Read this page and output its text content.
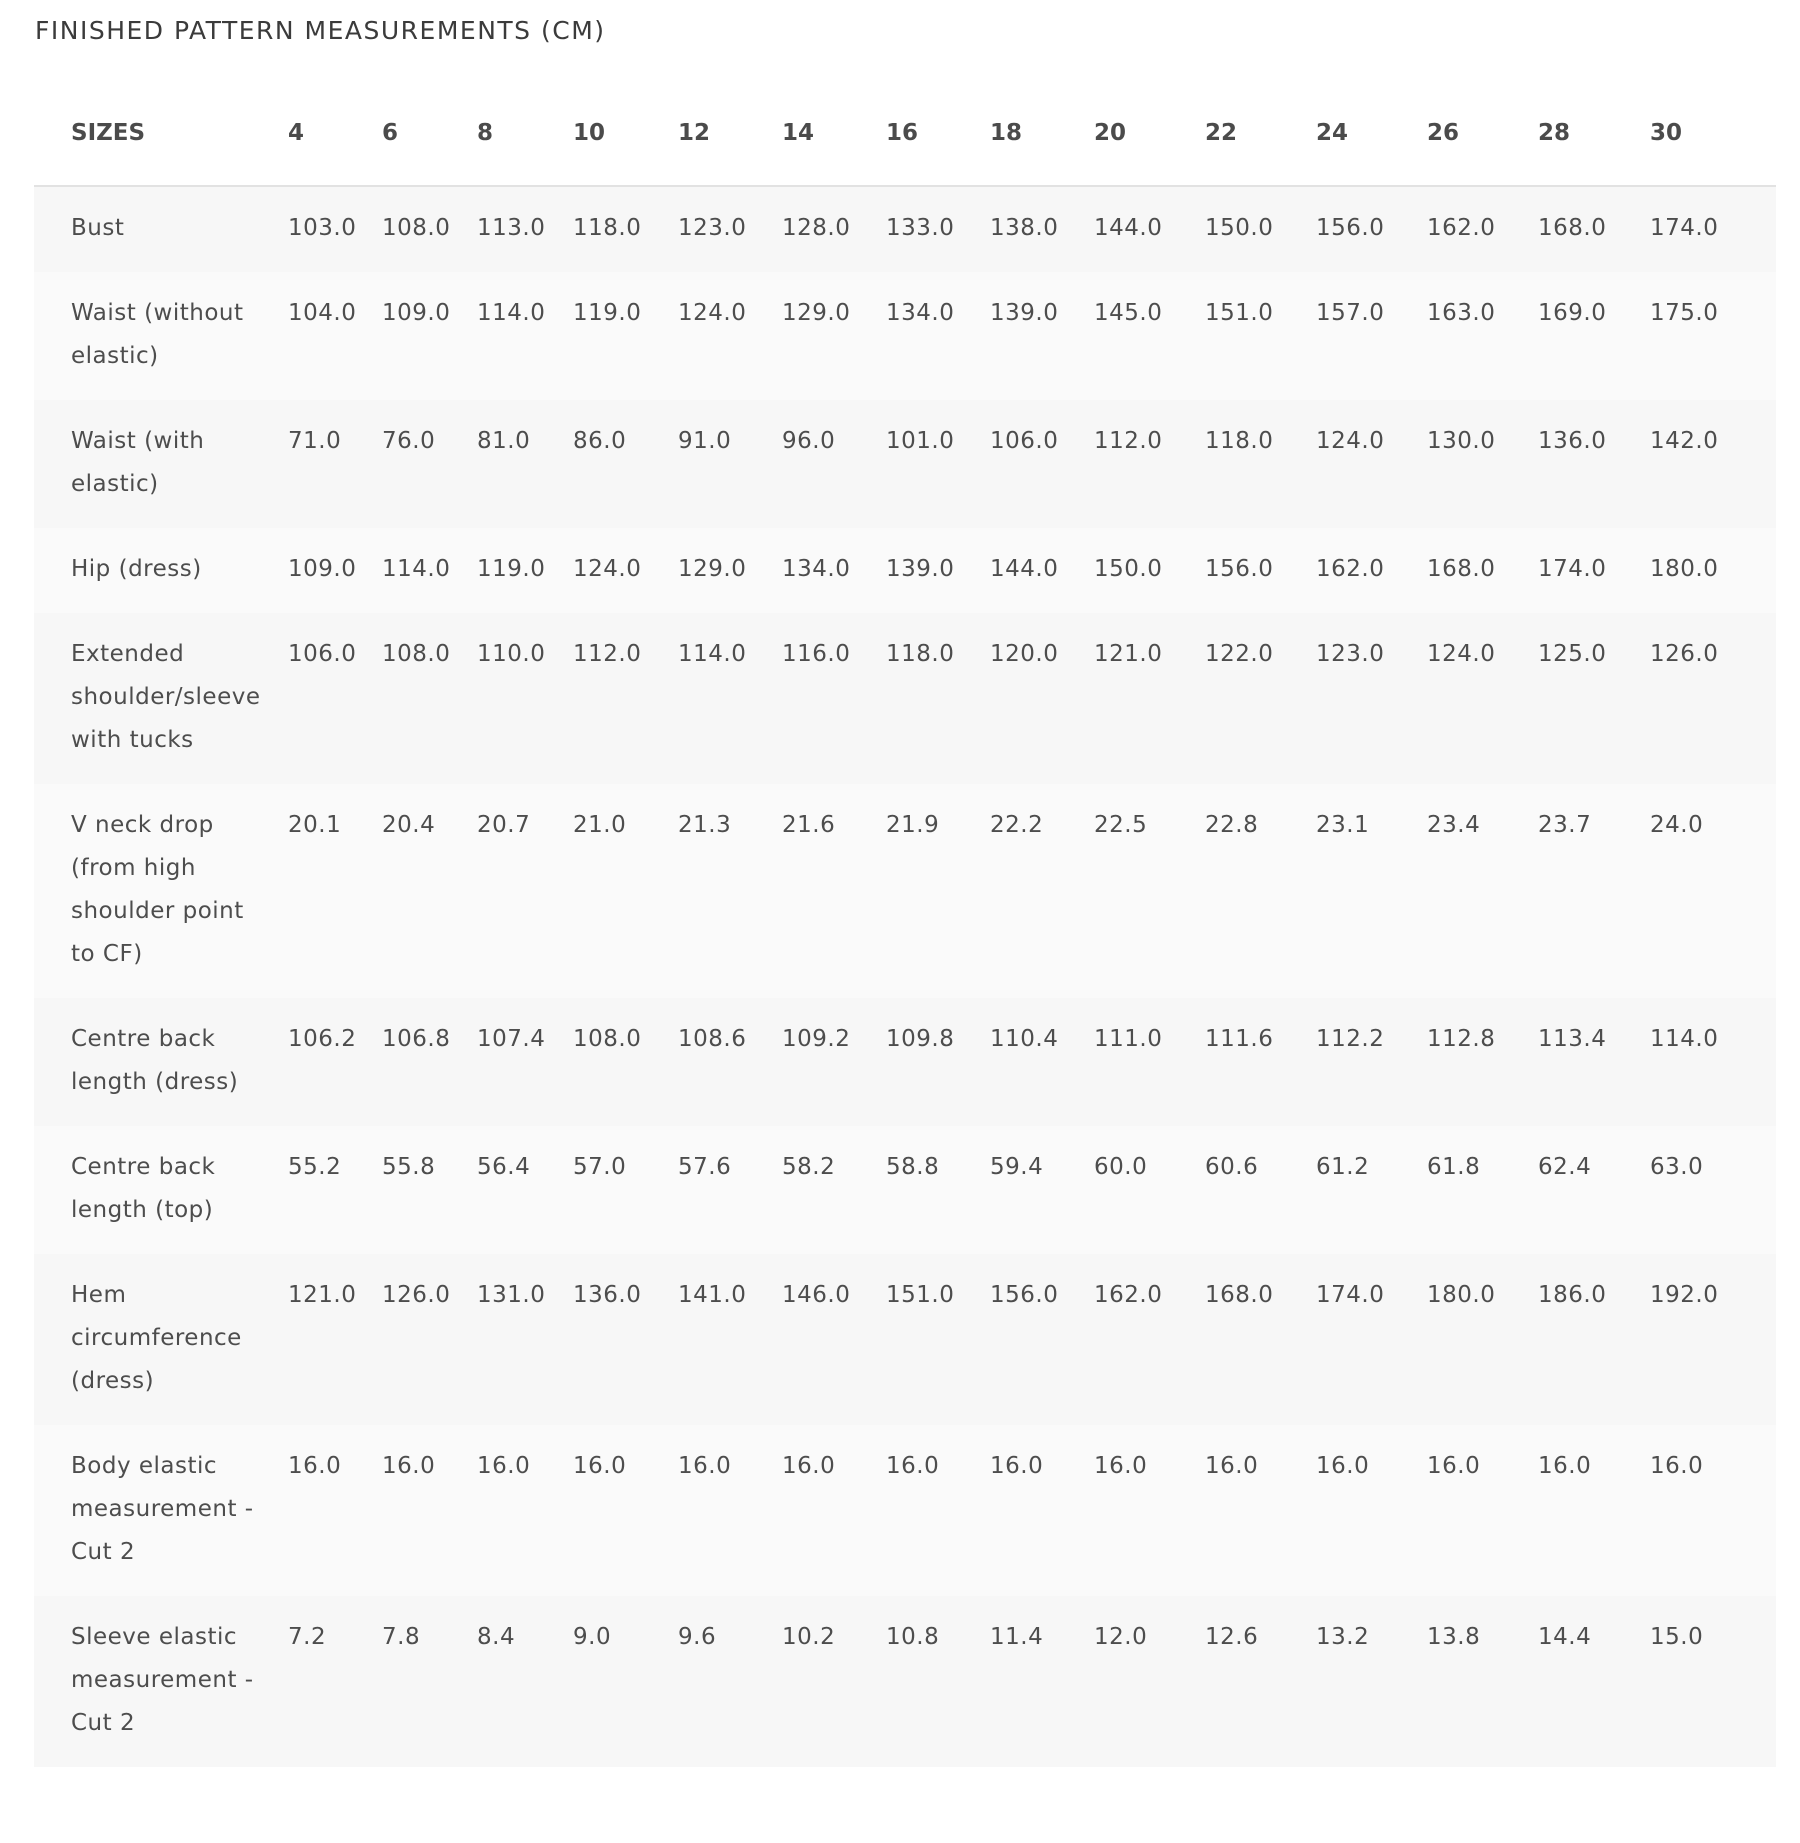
FINISHED PATTERN MEASUREMENTS (CM)
SIZES	4	6	8	10	12	14	16	18	20	22	24	26	28	30
Bust	103.0	108.0	113.0	118.0	123.0	128.0	133.0	138.0	144.0	150.0	156.0	162.0	168.0	174.0
Waist (without elastic)	104.0	109.0	114.0	119.0	124.0	129.0	134.0	139.0	145.0	151.0	157.0	163.0	169.0	175.0
Waist (with elastic)	71.0	76.0	81.0	86.0	91.0	96.0	101.0	106.0	112.0	118.0	124.0	130.0	136.0	142.0
Hip (dress)	109.0	114.0	119.0	124.0	129.0	134.0	139.0	144.0	150.0	156.0	162.0	168.0	174.0	180.0
Extended shoulder/sleeve with tucks	106.0	108.0	110.0	112.0	114.0	116.0	118.0	120.0	121.0	122.0	123.0	124.0	125.0	126.0
V neck drop (from high shoulder point to CF)	20.1	20.4	20.7	21.0	21.3	21.6	21.9	22.2	22.5	22.8	23.1	23.4	23.7	24.0
Centre back length (dress)	106.2	106.8	107.4	108.0	108.6	109.2	109.8	110.4	111.0	111.6	112.2	112.8	113.4	114.0
Centre back length (top)	55.2	55.8	56.4	57.0	57.6	58.2	58.8	59.4	60.0	60.6	61.2	61.8	62.4	63.0
Hem circumference (dress)	121.0	126.0	131.0	136.0	141.0	146.0	151.0	156.0	162.0	168.0	174.0	180.0	186.0	192.0
Body elastic measurement - Cut 2	16.0	16.0	16.0	16.0	16.0	16.0	16.0	16.0	16.0	16.0	16.0	16.0	16.0	16.0
Sleeve elastic measurement - Cut 2	7.2	7.8	8.4	9.0	9.6	10.2	10.8	11.4	12.0	12.6	13.2	13.8	14.4	15.0
